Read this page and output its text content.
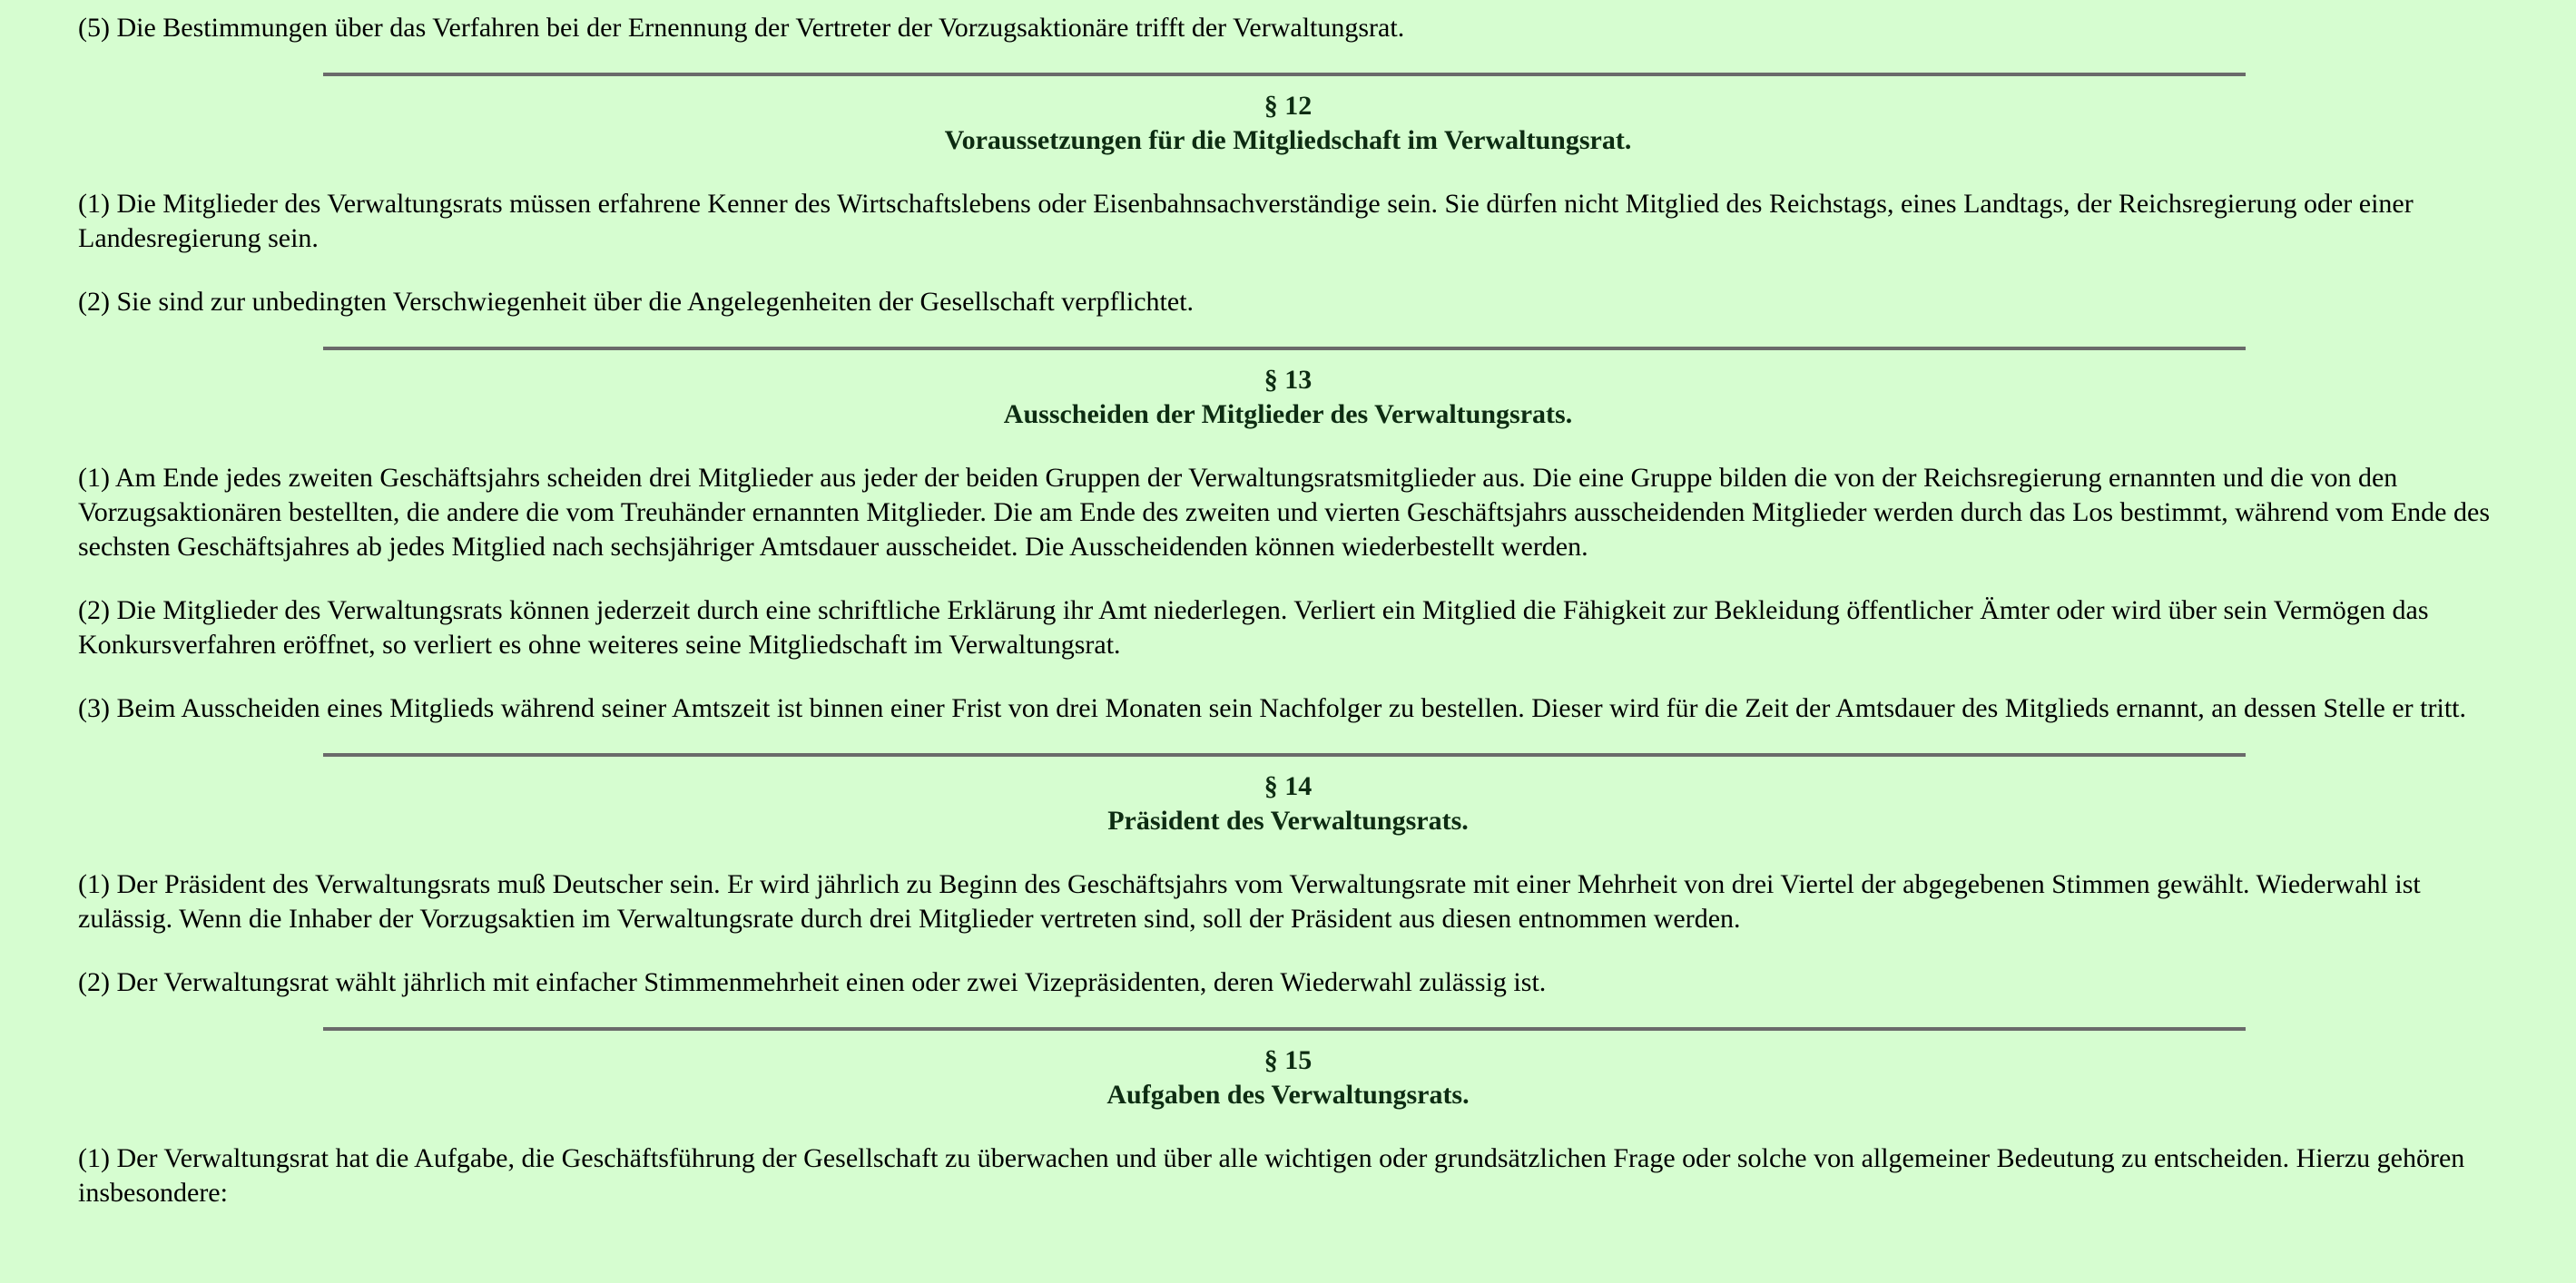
(5) Die Bestimmungen über das Verfahren bei der Ernennung der Vertreter der Vorzugsaktionäre trifft der Verwaltungsrat.

§ 12
Voraussetzungen für die Mitgliedschaft im Verwaltungsrat.

(1) Die Mitglieder des Verwaltungsrats müssen erfahrene Kenner des Wirtschaftslebens oder Eisenbahnsachverständige sein. Sie dürfen nicht Mitglied des Reichstags, eines Landtags, der Reichsregierung oder einer Landesregierung sein.

(2) Sie sind zur unbedingten Verschwiegenheit über die Angelegenheiten der Gesellschaft verpflichtet.

§ 13
Ausscheiden der Mitglieder des Verwaltungsrats.

(1) Am Ende jedes zweiten Geschäftsjahrs scheiden drei Mitglieder aus jeder der beiden Gruppen der Verwaltungsratsmitglieder aus. Die eine Gruppe bilden die von der Reichsregierung ernannten und die von den Vorzugsaktionären bestellten, die andere die vom Treuhänder ernannten Mitglieder. Die am Ende des zweiten und vierten Geschäftsjahrs ausscheidenden Mitglieder werden durch das Los bestimmt, während vom Ende des sechsten Geschäftsjahres ab jedes Mitglied nach sechsjähriger Amtsdauer ausscheidet. Die Ausscheidenden können wiederbestellt werden.

(2) Die Mitglieder des Verwaltungsrats können jederzeit durch eine schriftliche Erklärung ihr Amt niederlegen. Verliert ein Mitglied die Fähigkeit zur Bekleidung öffentlicher Ämter oder wird über sein Vermögen das Konkursverfahren eröffnet, so verliert es ohne weiteres seine Mitgliedschaft im Verwaltungsrat.

(3) Beim Ausscheiden eines Mitglieds während seiner Amtszeit ist binnen einer Frist von drei Monaten sein Nachfolger zu bestellen. Dieser wird für die Zeit der Amtsdauer des Mitglieds ernannt, an dessen Stelle er tritt.

§ 14
Präsident des Verwaltungsrats.

(1) Der Präsident des Verwaltungsrats muß Deutscher sein. Er wird jährlich zu Beginn des Geschäftsjahrs vom Verwaltungsrate mit einer Mehrheit von drei Viertel der abgegebenen Stimmen gewählt. Wiederwahl ist zulässig. Wenn die Inhaber der Vorzugsaktien im Verwaltungsrate durch drei Mitglieder vertreten sind, soll der Präsident aus diesen entnommen werden.

(2) Der Verwaltungsrat wählt jährlich mit einfacher Stimmenmehrheit einen oder zwei Vizepräsidenten, deren Wiederwahl zulässig ist.

§ 15
Aufgaben des Verwaltungsrats.

(1) Der Verwaltungsrat hat die Aufgabe, die Geschäftsführung der Gesellschaft zu überwachen und über alle wichtigen oder grundsätzlichen Frage oder solche von allgemeiner Bedeutung zu entscheiden. Hierzu gehören insbesondere:
